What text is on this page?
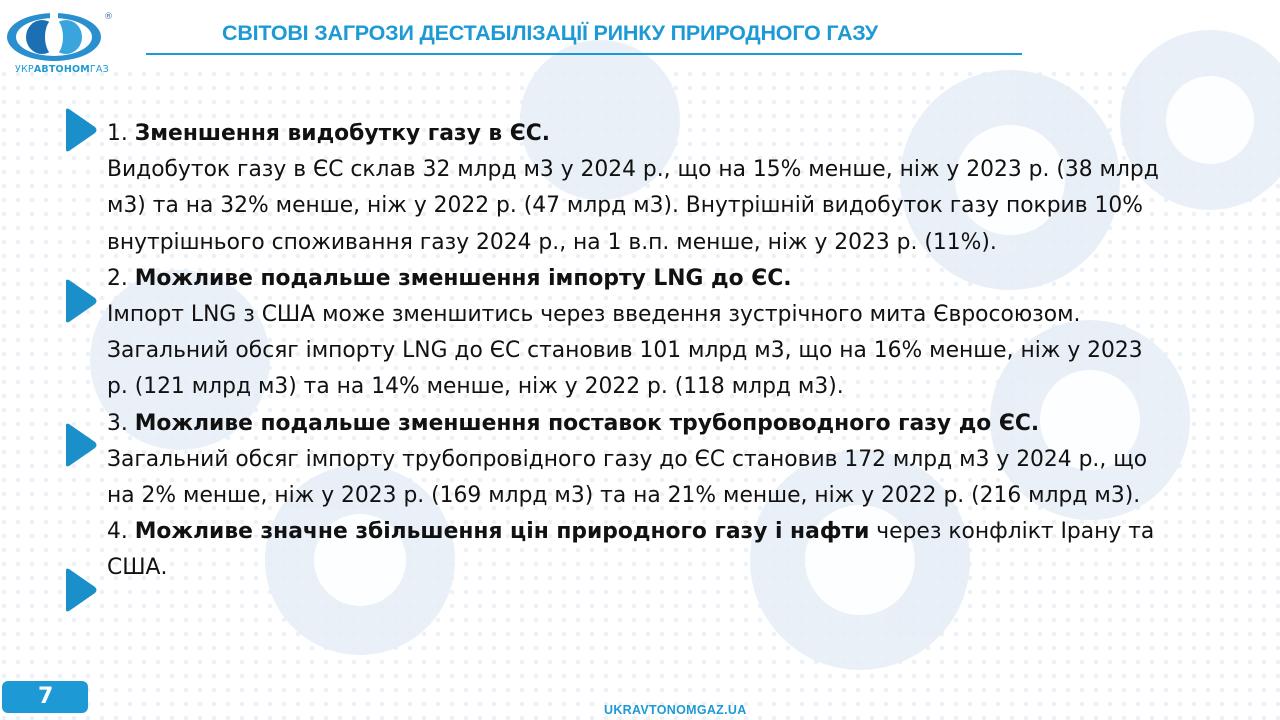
®
УКРАВТОНОМГАЗ
СВІТОВІ ЗАГРОЗИ ДЕСТАБІЛІЗАЦІЇ РИНКУ ПРИРОДНОГО ГАЗУ

1. Зменшення видобутку газу в ЄС.

Видобуток газу в ЄС склав 32 млрд м3 у 2024 р., що на 15% менше, ніж у 2023 р. (38 млрд м3) та на 32% менше, ніж у 2022 р. (47 млрд м3). Внутрішній видобуток газу покрив 10% внутрішнього споживання газу 2024 р., на 1 в.п. менше, ніж у 2023 р. (11%).

2. Можливе подальше зменшення імпорту LNG до ЄС.

Імпорт LNG з США може зменшитись через введення зустрічного мита Євросоюзом.

Загальний обсяг імпорту LNG до ЄС становив 101 млрд м3, що на 16% менше, ніж у 2023 р. (121 млрд м3) та на 14% менше, ніж у 2022 р. (118 млрд м3).

3. Можливе подальше зменшення поставок трубопроводного газу до ЄС.

Загальний обсяг імпорту трубопровідного газу до ЄС становив 172 млрд м3 у 2024 р., що на 2% менше, ніж у 2023 р. (169 млрд м3) та на 21% менше, ніж у 2022 р. (216 млрд м3).

4. Можливе значне збільшення цін природного газу і нафти через конфлікт Ірану та США.

7
UKRAVTONOMGAZ.UA
